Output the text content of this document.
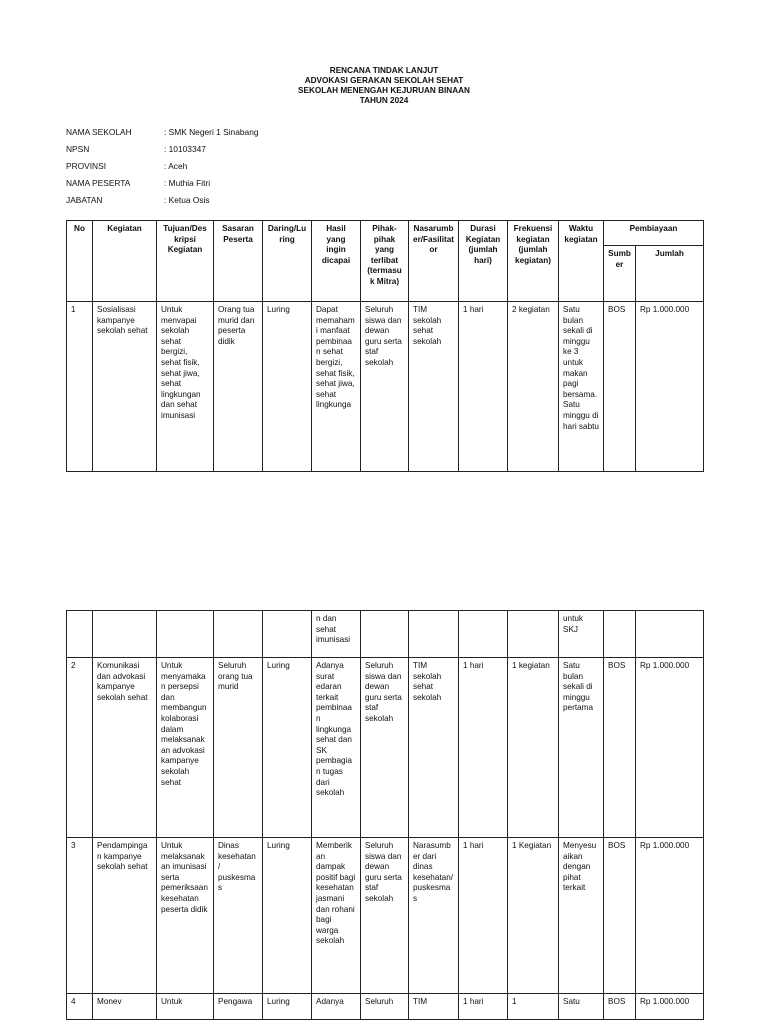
RENCANA TINDAK LANJUT
ADVOKASI GERAKAN SEKOLAH SEHAT
SEKOLAH MENENGAH KEJURUAN BINAAN
TAHUN 2024
NAMA SEKOLAH	: SMK Negeri 1 Sinabang
NPSN	: 10103347
PROVINSI	: Aceh
NAMA PESERTA	: Muthia Fitri
JABATAN	: Ketua Osis
No	Kegiatan	Tujuan/Deskripsi Kegiatan	Sasaran Peserta	Daring/Luring	Hasil yang ingin dicapai	Pihak-pihak yang terlibat (termasuk Mitra)	Nasarumber/Fasilitator	Durasi Kegiatan (jumlah hari)	Frekuensi kegiatan (jumlah kegiatan)	Waktu kegiatan	Pembiayaan	
											Sumber	Jumlah
1	Sosialisasi kampanye sekolah sehat	Untuk menvapai sekolah sehat bergizi, sehat fisik, sehat jiwa, sehat lingkungan dan sehat imunisasi	Orang tua murid dan peserta didik	Luring	Dapat memahami manfaat pembinaan sehat bergizi, sehat fisik, sehat jiwa, sehat lingkunga	Seluruh siswa dan dewan guru serta staf sekolah	TIM sekolah sehat sekolah	1 hari	2 kegiatan	Satu bulan sekali di minggu ke 3 untuk makan pagi bersama. Satu minggu di hari sabtu	BOS	Rp 1.000.000
					n dan sehat imunisasi					untuk SKJ		
2	Komunikasi dan advokasi kampanye sekolah sehat	Untuk menyamakan persepsi dan membangun kolaborasi dalam melaksanakan advokasi kampanye sekolah sehat	Seluruh orang tua murid	Luring	Adanya surat edaran terkait pembinaan lingkunga sehat dan SK pembagian tugas dari sekolah	Seluruh siswa dan dewan guru serta staf sekolah	TIM sekolah sehat sekolah	1 hari	1 kegiatan	Satu bulan sekali di minggu pertama	BOS	Rp 1.000.000
3	Pendampingan kampanye sekolah sehat	Untuk melaksanakan imunisasi serta pemeriksaan kesehatan peserta didik	Dinas kesehatan/ puskesmas	Luring	Memberikan dampak positif bagi kesehatan jasmani dan rohani bagi warga sekolah	Seluruh siswa dan dewan guru serta staf sekolah	Narasumber dari dinas kesehatan/ puskesmas	1 hari	1 Kegiatan	Menyesuaikan dengan pihat terkait	BOS	Rp 1.000.000
4	Monev	Untuk	Pengawa	Luring	Adanya	Seluruh	TIM	1 hari	1	Satu	BOS	Rp 1.000.000
